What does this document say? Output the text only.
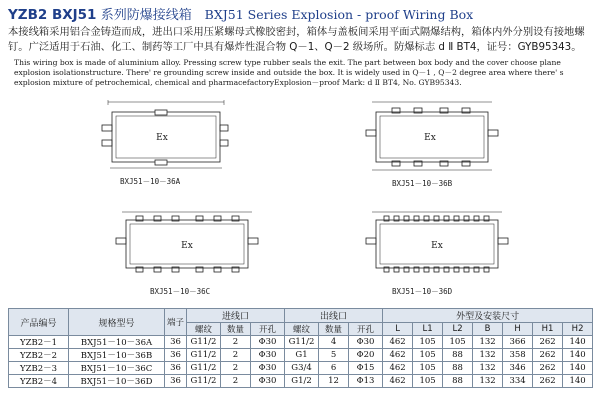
YZB2 BXJ51 系列防爆接线箱 BXJ51 Series Explosion - proof Wiring Box
本接线箱采用铝合金铸造而成，进出口采用压紧螺母式橡胶密封，箱体与盖板间采用平面式隔爆结构，箱体内外分别设有接地螺钉。广泛适用于石油、化工、制药等工厂中具有爆炸性混合物 Q－1、Q－2 级场所。防爆标志 d Ⅱ BT4，证号：GYB95343。
This wiring box is made of aluminium alloy. Pressing screw type rubber seals the exit. The part between box body and the cover choose plane explosion isolationstructure. There' re grounding screw inside and outside the box. It is widely used in Q－1 , Q－2 degree area where there' s explosion mixture of petrochemical, chemical and pharmacefactoryExplosion－proof Mark: d Ⅱ BT4, No. GYB95343.
Ex
BXJ51－10－36A
Ex
BXJ51－10－36B
Ex
BXJ51－10－36C
Ex
BXJ51－10－36D
产品编号	规格型号	端子	进线口			出线口			外型及安装尺寸						
			螺纹	数量	开孔	螺纹	数量	开孔	L	L1	L2	B	H	H1	H2
YZB2－1	BXJ51－10－36A	36	G11/2	2	Φ30	G11/2	4	Φ30	462	105	105	132	366	262	140
YZB2－2	BXJ51－10－36B	36	G11/2	2	Φ30	G1	5	Φ20	462	105	88	132	358	262	140
YZB2－3	BXJ51－10－36C	36	G11/2	2	Φ30	G3/4	6	Φ15	462	105	88	132	346	262	140
YZB2－4	BXJ51－10－36D	36	G11/2	2	Φ30	G1/2	12	Φ13	462	105	88	132	334	262	140
